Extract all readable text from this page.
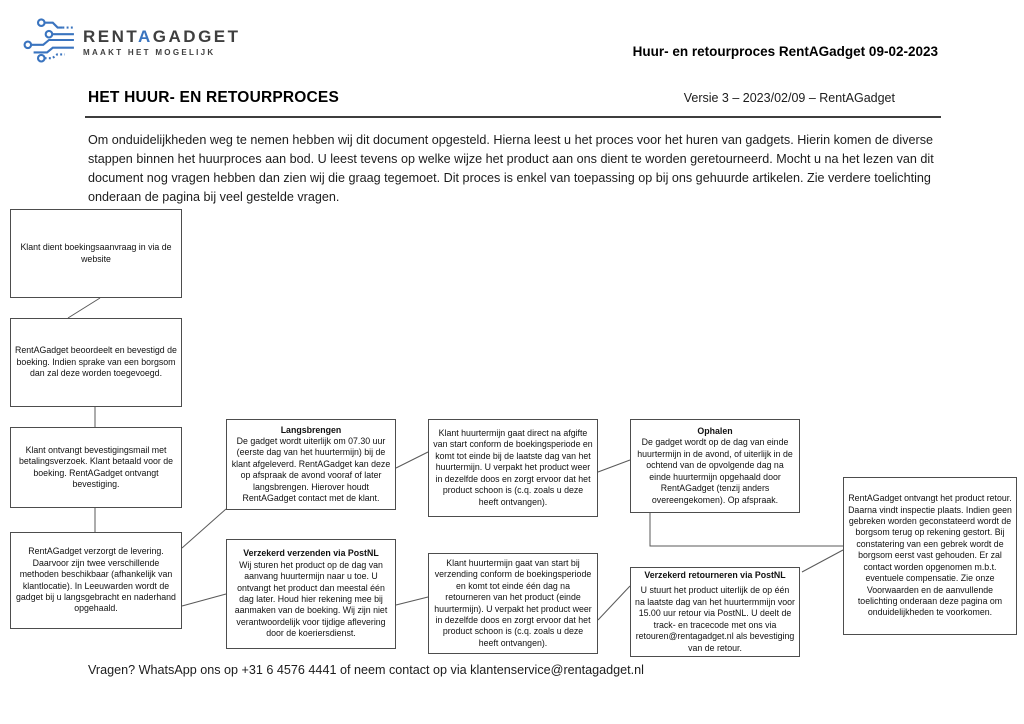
RENTAGADGET
MAAKT HET MOGELIJK	Huur- en retourproces RentAGadget 09-02-2023
HET HUUR- EN RETOURPROCES	Versie 3 – 2023/02/09 – RentAGadget

Om onduidelijkheden weg te nemen hebben wij dit document opgesteld. Hierna leest u het proces voor het huren van gadgets. Hierin komen de diverse stappen binnen het huurproces aan bod. U leest tevens op welke wijze het product aan ons dient te worden geretourneerd. Mocht u na het lezen van dit document nog vragen hebben dan zien wij die graag tegemoet. Dit proces is enkel van toepassing op bij ons gehuurde artikelen. Zie verdere toelichting onderaan de pagina bij veel gestelde vragen.

Klant dient boekingsaanvraag in via de website
RentAGadget beoordeelt en bevestigd de boeking. Indien sprake van een borgsom dan zal deze worden toegevoegd.
Klant ontvangt bevestigingsmail met betalingsverzoek. Klant betaald voor de boeking. RentAGadget ontvangt bevestiging.
RentAGadget verzorgt de levering. Daarvoor zijn twee verschillende methoden beschikbaar (afhankelijk van klantlocatie). In Leeuwarden wordt de gadget bij u langsgebracht en naderhand opgehaald.
Langsbrengen
De gadget wordt uiterlijk om 07.30 uur (eerste dag van het huurtermijn) bij de klant afgeleverd. RentAGadget kan deze op afspraak de avond vooraf of later langsbrengen. Hierover houdt RentAGadget contact met de klant.
Verzekerd verzenden via PostNL
Wij sturen het product op de dag van aanvang huurtermijn naar u toe. U ontvangt het product dan meestal één dag later. Houd hier rekening mee bij aanmaken van de boeking. Wij zijn niet verantwoordelijk voor tijdige aflevering door de koeriersdienst.
Klant huurtermijn gaat direct na afgifte van start conform de boekingsperiode en komt tot einde bij de laatste dag van het huurtermijn. U verpakt het product weer in dezelfde doos en zorgt ervoor dat het product schoon is (c.q. zoals u deze heeft ontvangen).
Klant huurtermijn gaat van start bij verzending conform de boekingsperiode en komt tot einde één dag na retourneren van het product (einde huurtermijn). U verpakt het product weer in dezelfde doos en zorgt ervoor dat het product schoon is (c.q. zoals u deze heeft ontvangen).
Ophalen
De gadget wordt op de dag van einde huurtermijn in de avond, of uiterlijk in de ochtend van de opvolgende dag na einde huurtermijn opgehaald door RentAGadget (tenzij anders overeengekomen). Op afspraak.
Verzekerd retourneren via PostNL
U stuurt het product uiterlijk de op één na laatste dag van het huurtermmijn voor 15.00 uur retour via PostNL. U deelt de track- en tracecode met ons via retouren@rentagadget.nl als bevestiging van de retour.
RentAGadget ontvangt het product retour. Daarna vindt inspectie plaats. Indien geen gebreken worden geconstateerd wordt de borgsom terug op rekening gestort. Bij constatering van een gebrek wordt de borgsom eerst vast gehouden. Er zal contact worden opgenomen m.b.t. eventuele compensatie. Zie onze Voorwaarden en de aanvullende toelichting onderaan deze pagina om onduidelijkheden te voorkomen.
Vragen? WhatsApp ons op +31 6 4576 4441 of neem contact op via klantenservice@rentagadget.nl
